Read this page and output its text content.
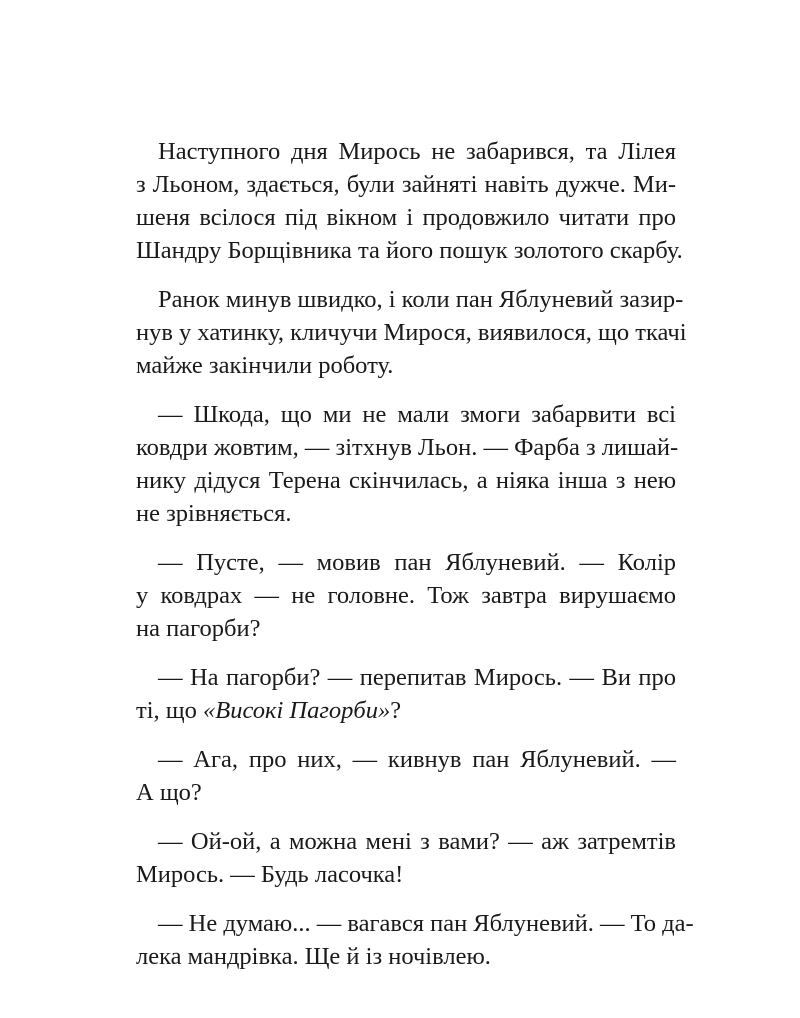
Наступного дня Мирось не забарився, та Лілея
з Льоном, здається, були зайняті навіть дужче. Ми-
шеня всілося під вікном і продовжило читати про
Шандру Борщівника та його пошук золотого скарбу.

Ранок минув швидко, і коли пан Яблуневий зазир-
нув у хатинку, кличучи Мирося, виявилося, що ткачі
майже закінчили роботу.

— Шкода, що ми не мали змоги забарвити всі
ковдри жовтим, — зітхнув Льон. — Фарба з лишай-
нику дідуся Терена скінчилась, а ніяка інша з нею
не зрівняється.

— Пусте, — мовив пан Яблуневий. — Колір
у ковдрах — не головне. Тож завтра вирушаємо
на пагорби?

— На пагорби? — перепитав Мирось. — Ви про
ті, що «Високі Пагорби»?

— Ага, про них, — кивнув пан Яблуневий. —
А що?

— Ой-ой, а можна мені з вами? — аж затремтів
Мирось. — Будь ласочка!

— Не думаю... — вагався пан Яблуневий. — То да-
лека мандрівка. Ще й із ночівлею.
